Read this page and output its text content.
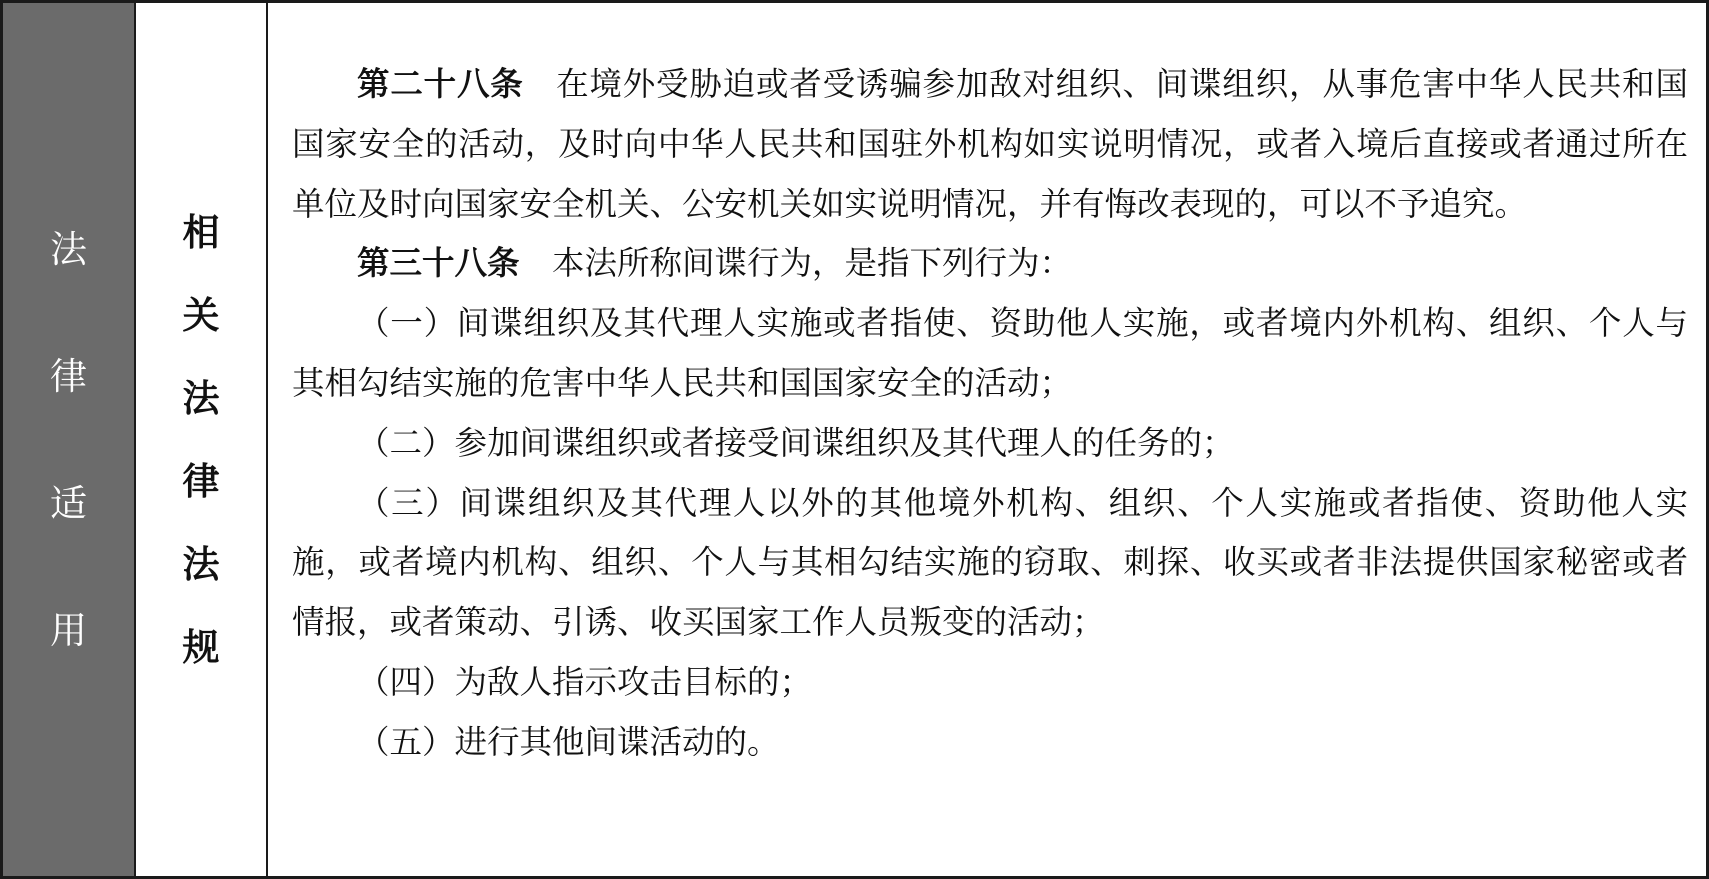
法
律
适
用
相
关
法
律
法
规

第二十八条 在境外受胁迫或者受诱骗参加敌对组织、间谍组织，从事危害中华人民共和国国家安全的活动，及时向中华人民共和国驻外机构如实说明情况，或者入境后直接或者通过所在单位及时向国家安全机关、公安机关如实说明情况，并有悔改表现的，可以不予追究。

第三十八条 本法所称间谍行为，是指下列行为：

（一）间谍组织及其代理人实施或者指使、资助他人实施，或者境内外机构、组织、个人与其相勾结实施的危害中华人民共和国国家安全的活动；

（二）参加间谍组织或者接受间谍组织及其代理人的任务的；

（三）间谍组织及其代理人以外的其他境外机构、组织、个人实施或者指使、资助他人实施，或者境内机构、组织、个人与其相勾结实施的窃取、刺探、收买或者非法提供国家秘密或者情报，或者策动、引诱、收买国家工作人员叛变的活动；

（四）为敌人指示攻击目标的；

（五）进行其他间谍活动的。
